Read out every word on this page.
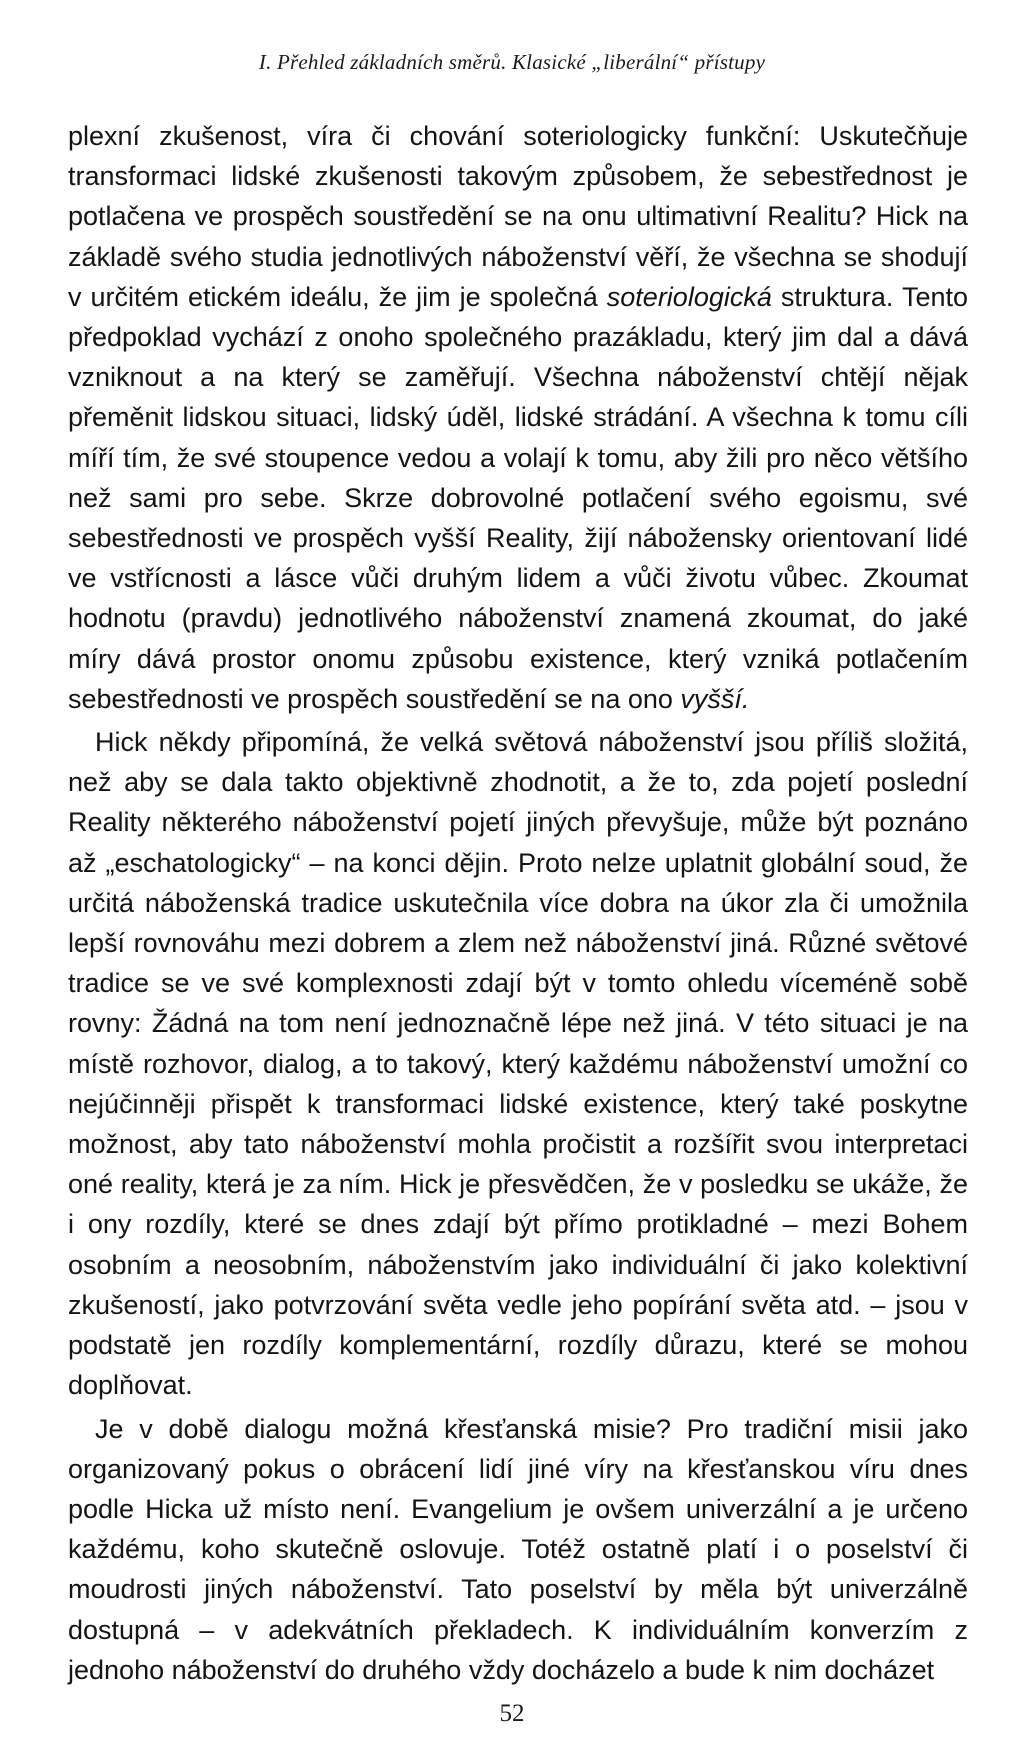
I. Přehled základních směrů. Klasické „liberální“ přístupy

plexní zkušenost, víra či chování soteriologicky funkční: Uskutečňuje transformaci lidské zkušenosti takovým způsobem, že sebestřednost je potlačena ve prospěch soustředění se na onu ultimativní Realitu? Hick na základě svého studia jednotlivých náboženství věří, že všechna se shodují v určitém etickém ideálu, že jim je společná soteriologická struktura. Tento předpoklad vychází z onoho společného prazákladu, který jim dal a dává vzniknout a na který se zaměřují. Všechna náboženství chtějí nějak přeměnit lidskou situaci, lidský úděl, lidské strádání. A všechna k tomu cíli míří tím, že své stoupence vedou a volají k tomu, aby žili pro něco většího než sami pro sebe. Skrze dobrovolné potlačení svého egoismu, své sebestřednosti ve prospěch vyšší Reality, žijí nábožensky orientovaní lidé ve vstřícnosti a lásce vůči druhým lidem a vůči životu vůbec. Zkoumat hodnotu (pravdu) jednotlivého náboženství znamená zkoumat, do jaké míry dává prostor onomu způsobu existence, který vzniká potlačením sebestřednosti ve prospěch soustředění se na ono vyšší.

Hick někdy připomíná, že velká světová náboženství jsou příliš složitá, než aby se dala takto objektivně zhodnotit, a že to, zda pojetí poslední Reality některého náboženství pojetí jiných převyšuje, může být poznáno až „eschatologicky“ – na konci dějin. Proto nelze uplatnit globální soud, že určitá náboženská tradice uskutečnila více dobra na úkor zla či umožnila lepší rovnováhu mezi dobrem a zlem než náboženství jiná. Různé světové tradice se ve své komplexnosti zdají být v tomto ohledu víceméně sobě rovny: Žádná na tom není jednoznačně lépe než jiná. V této situaci je na místě rozhovor, dialog, a to takový, který každému náboženství umožní co nejúčinněji přispět k transformaci lidské existence, který také poskytne možnost, aby tato náboženství mohla pročistit a rozšířit svou interpretaci oné reality, která je za ním. Hick je přesvědčen, že v posledku se ukáže, že i ony rozdíly, které se dnes zdají být přímo protikladné – mezi Bohem osobním a neosobním, náboženstvím jako individuální či jako kolektivní zkušeností, jako potvrzování světa vedle jeho popírání světa atd. – jsou v podstatě jen rozdíly komplementární, rozdíly důrazu, které se mohou doplňovat.

Je v době dialogu možná křesťanská misie? Pro tradiční misii jako organizovaný pokus o obrácení lidí jiné víry na křesťanskou víru dnes podle Hicka už místo není. Evangelium je ovšem univerzální a je určeno každému, koho skutečně oslovuje. Totéž ostatně platí i o poselství či moudrosti jiných náboženství. Tato poselství by měla být univerzálně dostupná – v adekvátních překladech. K individuálním konverzím z jednoho náboženství do druhého vždy docházelo a bude k nim docházet

52
